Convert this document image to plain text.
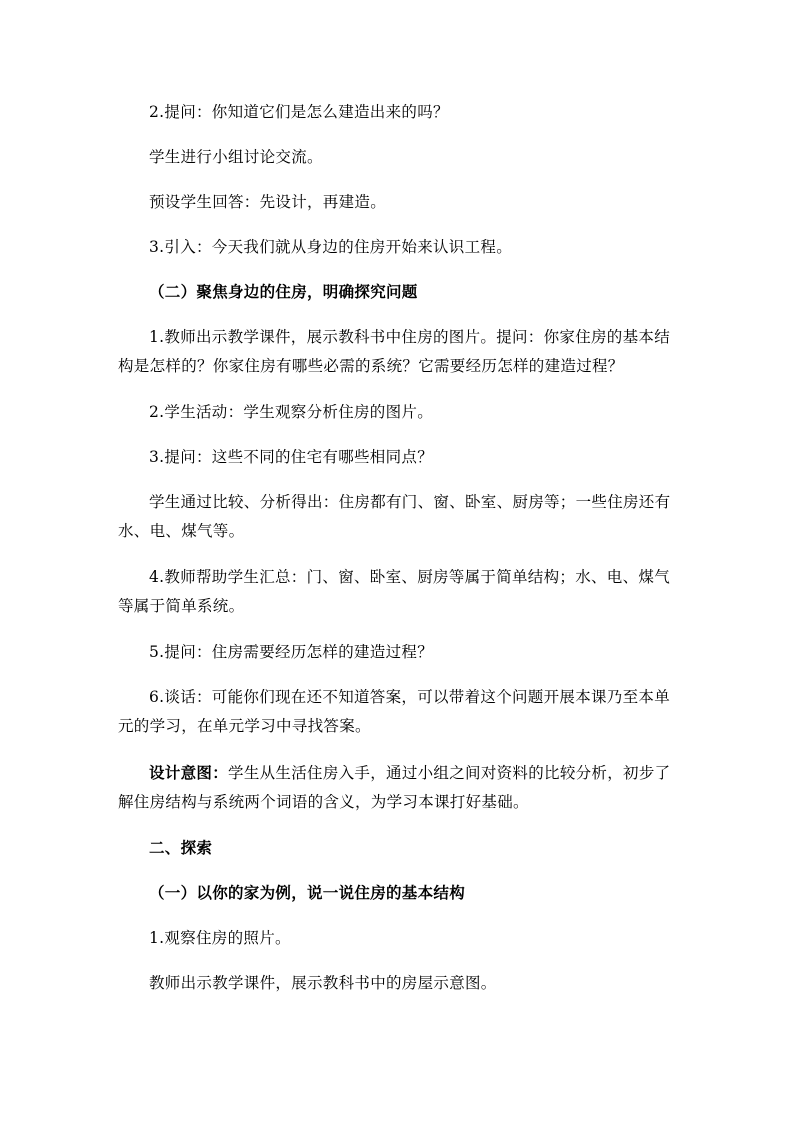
2.提问：你知道它们是怎么建造出来的吗？

学生进行小组讨论交流。

预设学生回答：先设计，再建造。

3.引入：今天我们就从身边的住房开始来认识工程。

（二）聚焦身边的住房，明确探究问题

1.教师出示教学课件，展示教科书中住房的图片。提问：你家住房的基本结构是怎样的？你家住房有哪些必需的系统？它需要经历怎样的建造过程？

2.学生活动：学生观察分析住房的图片。

3.提问：这些不同的住宅有哪些相同点？

学生通过比较、分析得出：住房都有门、窗、卧室、厨房等；一些住房还有水、电、煤气等。

4.教师帮助学生汇总：门、窗、卧室、厨房等属于简单结构；水、电、煤气等属于简单系统。

5.提问：住房需要经历怎样的建造过程？

6.谈话：可能你们现在还不知道答案，可以带着这个问题开展本课乃至本单元的学习，在单元学习中寻找答案。

设计意图：学生从生活住房入手，通过小组之间对资料的比较分析，初步了解住房结构与系统两个词语的含义，为学习本课打好基础。

二、探索

（一）以你的家为例，说一说住房的基本结构

1.观察住房的照片。

教师出示教学课件，展示教科书中的房屋示意图。
